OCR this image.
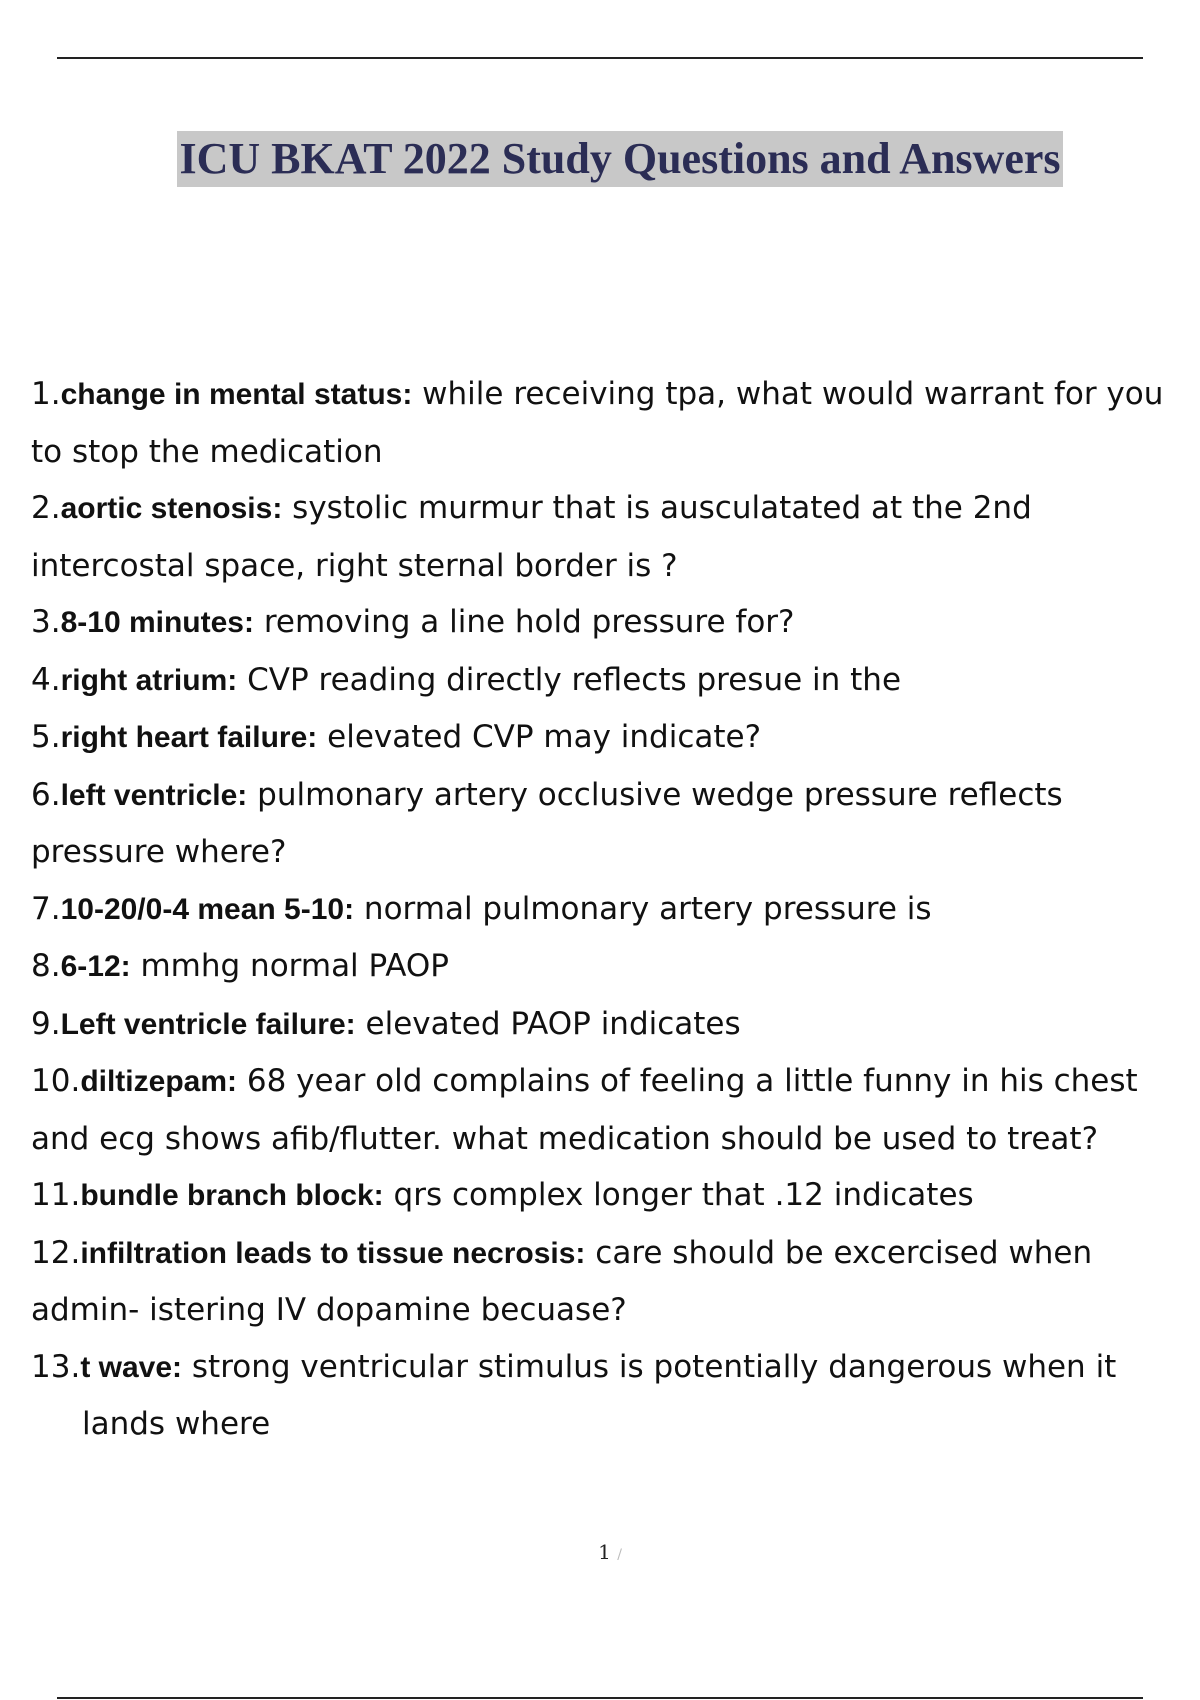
ICU BKAT 2022 Study Questions and Answers
1.change in mental status: while receiving tpa, what would warrant for you to stop the medication
2.aortic stenosis: systolic murmur that is ausculatated at the 2nd intercostal space, right sternal border is ?
3.8-10 minutes: removing a line hold pressure for?
4.right atrium: CVP reading directly reflects presue in the
5.right heart failure: elevated CVP may indicate?
6.left ventricle: pulmonary artery occlusive wedge pressure reflects pressure where?
7.10-20/0-4 mean 5-10: normal pulmonary artery pressure is
8.6-12: mmhg normal PAOP
9.Left ventricle failure: elevated PAOP indicates
10.diltizepam: 68 year old complains of feeling a little funny in his chest and ecg shows afib/flutter. what medication should be used to treat?
11.bundle branch block: qrs complex longer that .12 indicates
12.infiltration leads to tissue necrosis: care should be excercised when admin- istering IV dopamine becuase?
13.t wave: strong ventricular stimulus is potentially dangerous when it lands where
1 /
